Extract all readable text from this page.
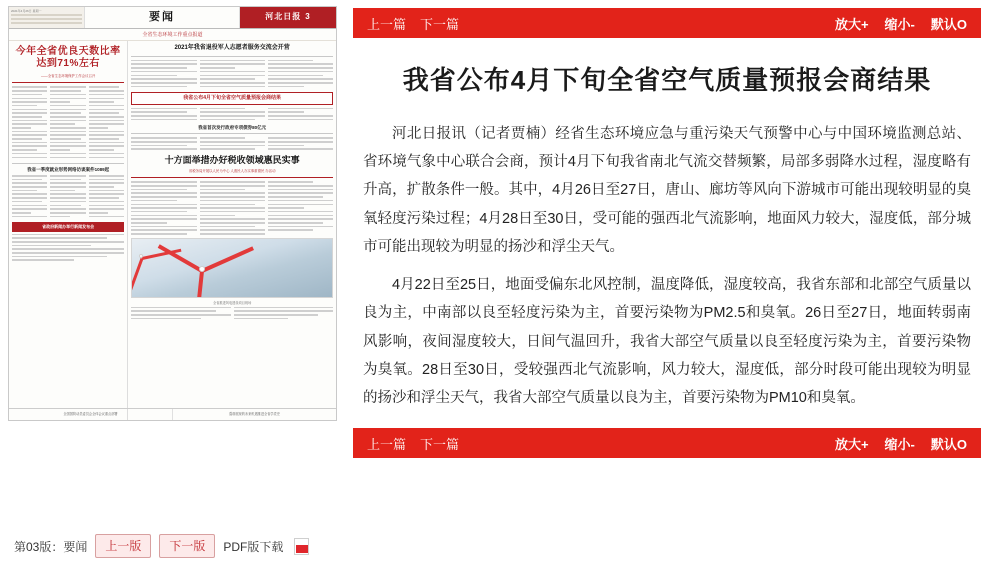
2021年4月26日 星期一	要闻	河北日报 3
全省生态环境工作重点报道
今年全省优良天数比率达到71%左右
——全省生态环境保护工作会议召开
我省一季度就业形势网络访谈案件1089起
省政府新闻办举行新闻发布会
2021年我省退役军人志愿者服务交流会开营
我省公布4月下旬全省空气质量预报会商结果
我省首次发行政府专项债券80亿元
十方面举措办好税收领域惠民实事
省税务局开展以人民为中心 人惠民人办实事重德民 办活动
全省推进风电建设项目现场
全国国防动员委员会全体会议重点部署	蓬勃展现的未来机遇推进全省学党史
第03版：要闻	上一版	下一版	PDF版下载
上一篇 下一篇	放大+ 缩小- 默认O
我省公布4月下旬全省空气质量预报会商结果

河北日报讯（记者贾楠）经省生态环境应急与重污染天气预警中心与中国环境监测总站、省环境气象中心联合会商，预计4月下旬我省南北气流交替频繁，局部多弱降水过程，湿度略有升高，扩散条件一般。其中，4月26日至27日，唐山、廊坊等风向下游城市可能出现较明显的臭氧轻度污染过程；4月28日至30日，受可能的强西北气流影响，地面风力较大，湿度低，部分城市可能出现较为明显的扬沙和浮尘天气。

4月22日至25日，地面受偏东北风控制，温度降低，湿度较高，我省东部和北部空气质量以良为主，中南部以良至轻度污染为主，首要污染物为PM2.5和臭氧。26日至27日，地面转弱南风影响，夜间湿度较大，日间气温回升，我省大部空气质量以良至轻度污染为主，首要污染物为臭氧。28日至30日，受较强西北气流影响，风力较大，湿度低，部分时段可能出现较为明显的扬沙和浮尘天气，我省大部空气质量以良为主，首要污染物为PM10和臭氧。

上一篇 下一篇	放大+ 缩小- 默认O
